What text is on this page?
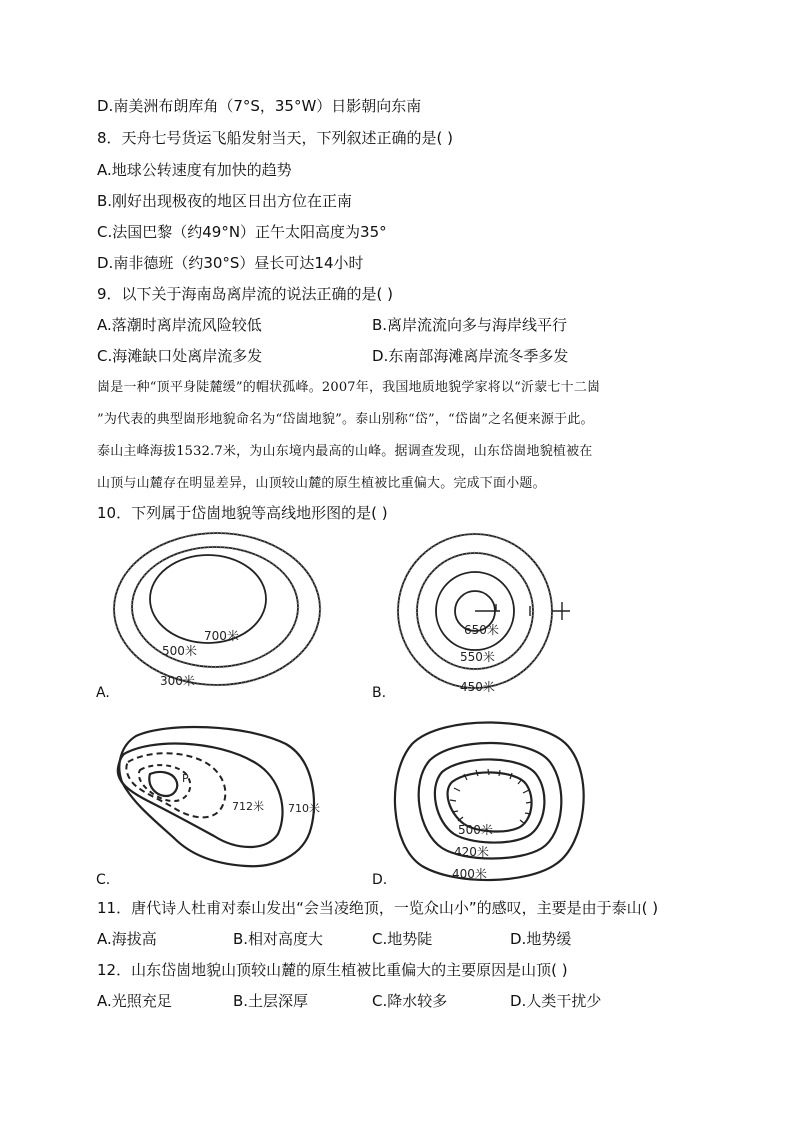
D.南美洲布朗库角（7°S，35°W）日影朝向东南
8．天舟七号货运飞船发射当天，下列叙述正确的是( )
A.地球公转速度有加快的趋势
B.刚好出现极夜的地区日出方位在正南
C.法国巴黎（约49°N）正午太阳高度为35°
D.南非德班（约30°S）昼长可达14小时
9．以下关于海南岛离岸流的说法正确的是( )
A.落潮时离岸流风险较低	B.离岸流流向多与海岸线平行
C.海滩缺口处离岸流多发	D.东南部海滩离岸流冬季多发

崮是一种“顶平身陡麓缓”的帽状孤峰。2007年，我国地质地貌学家将以“沂蒙七十二崮

”为代表的典型崮形地貌命名为“岱崮地貌”。泰山别称“岱”，“岱崮”之名便来源于此。

泰山主峰海拔1532.7米，为山东境内最高的山峰。据调查发现，山东岱崮地貌植被在

山顶与山麓存在明显差异，山顶较山麓的原生植被比重偏大。完成下面小题。

10．下列属于岱崮地貌等高线地形图的是( )
700米
500米
300米
A.
650米
550米
450米
B.
P
712米 710米
C.
500米
420米
400米
D.
11．唐代诗人杜甫对泰山发出“会当凌绝顶，一览众山小”的感叹，主要是由于泰山( )
A.海拔高	B.相对高度大	C.地势陡	D.地势缓
12．山东岱崮地貌山顶较山麓的原生植被比重偏大的主要原因是山顶( )
A.光照充足	B.土层深厚	C.降水较多	D.人类干扰少
